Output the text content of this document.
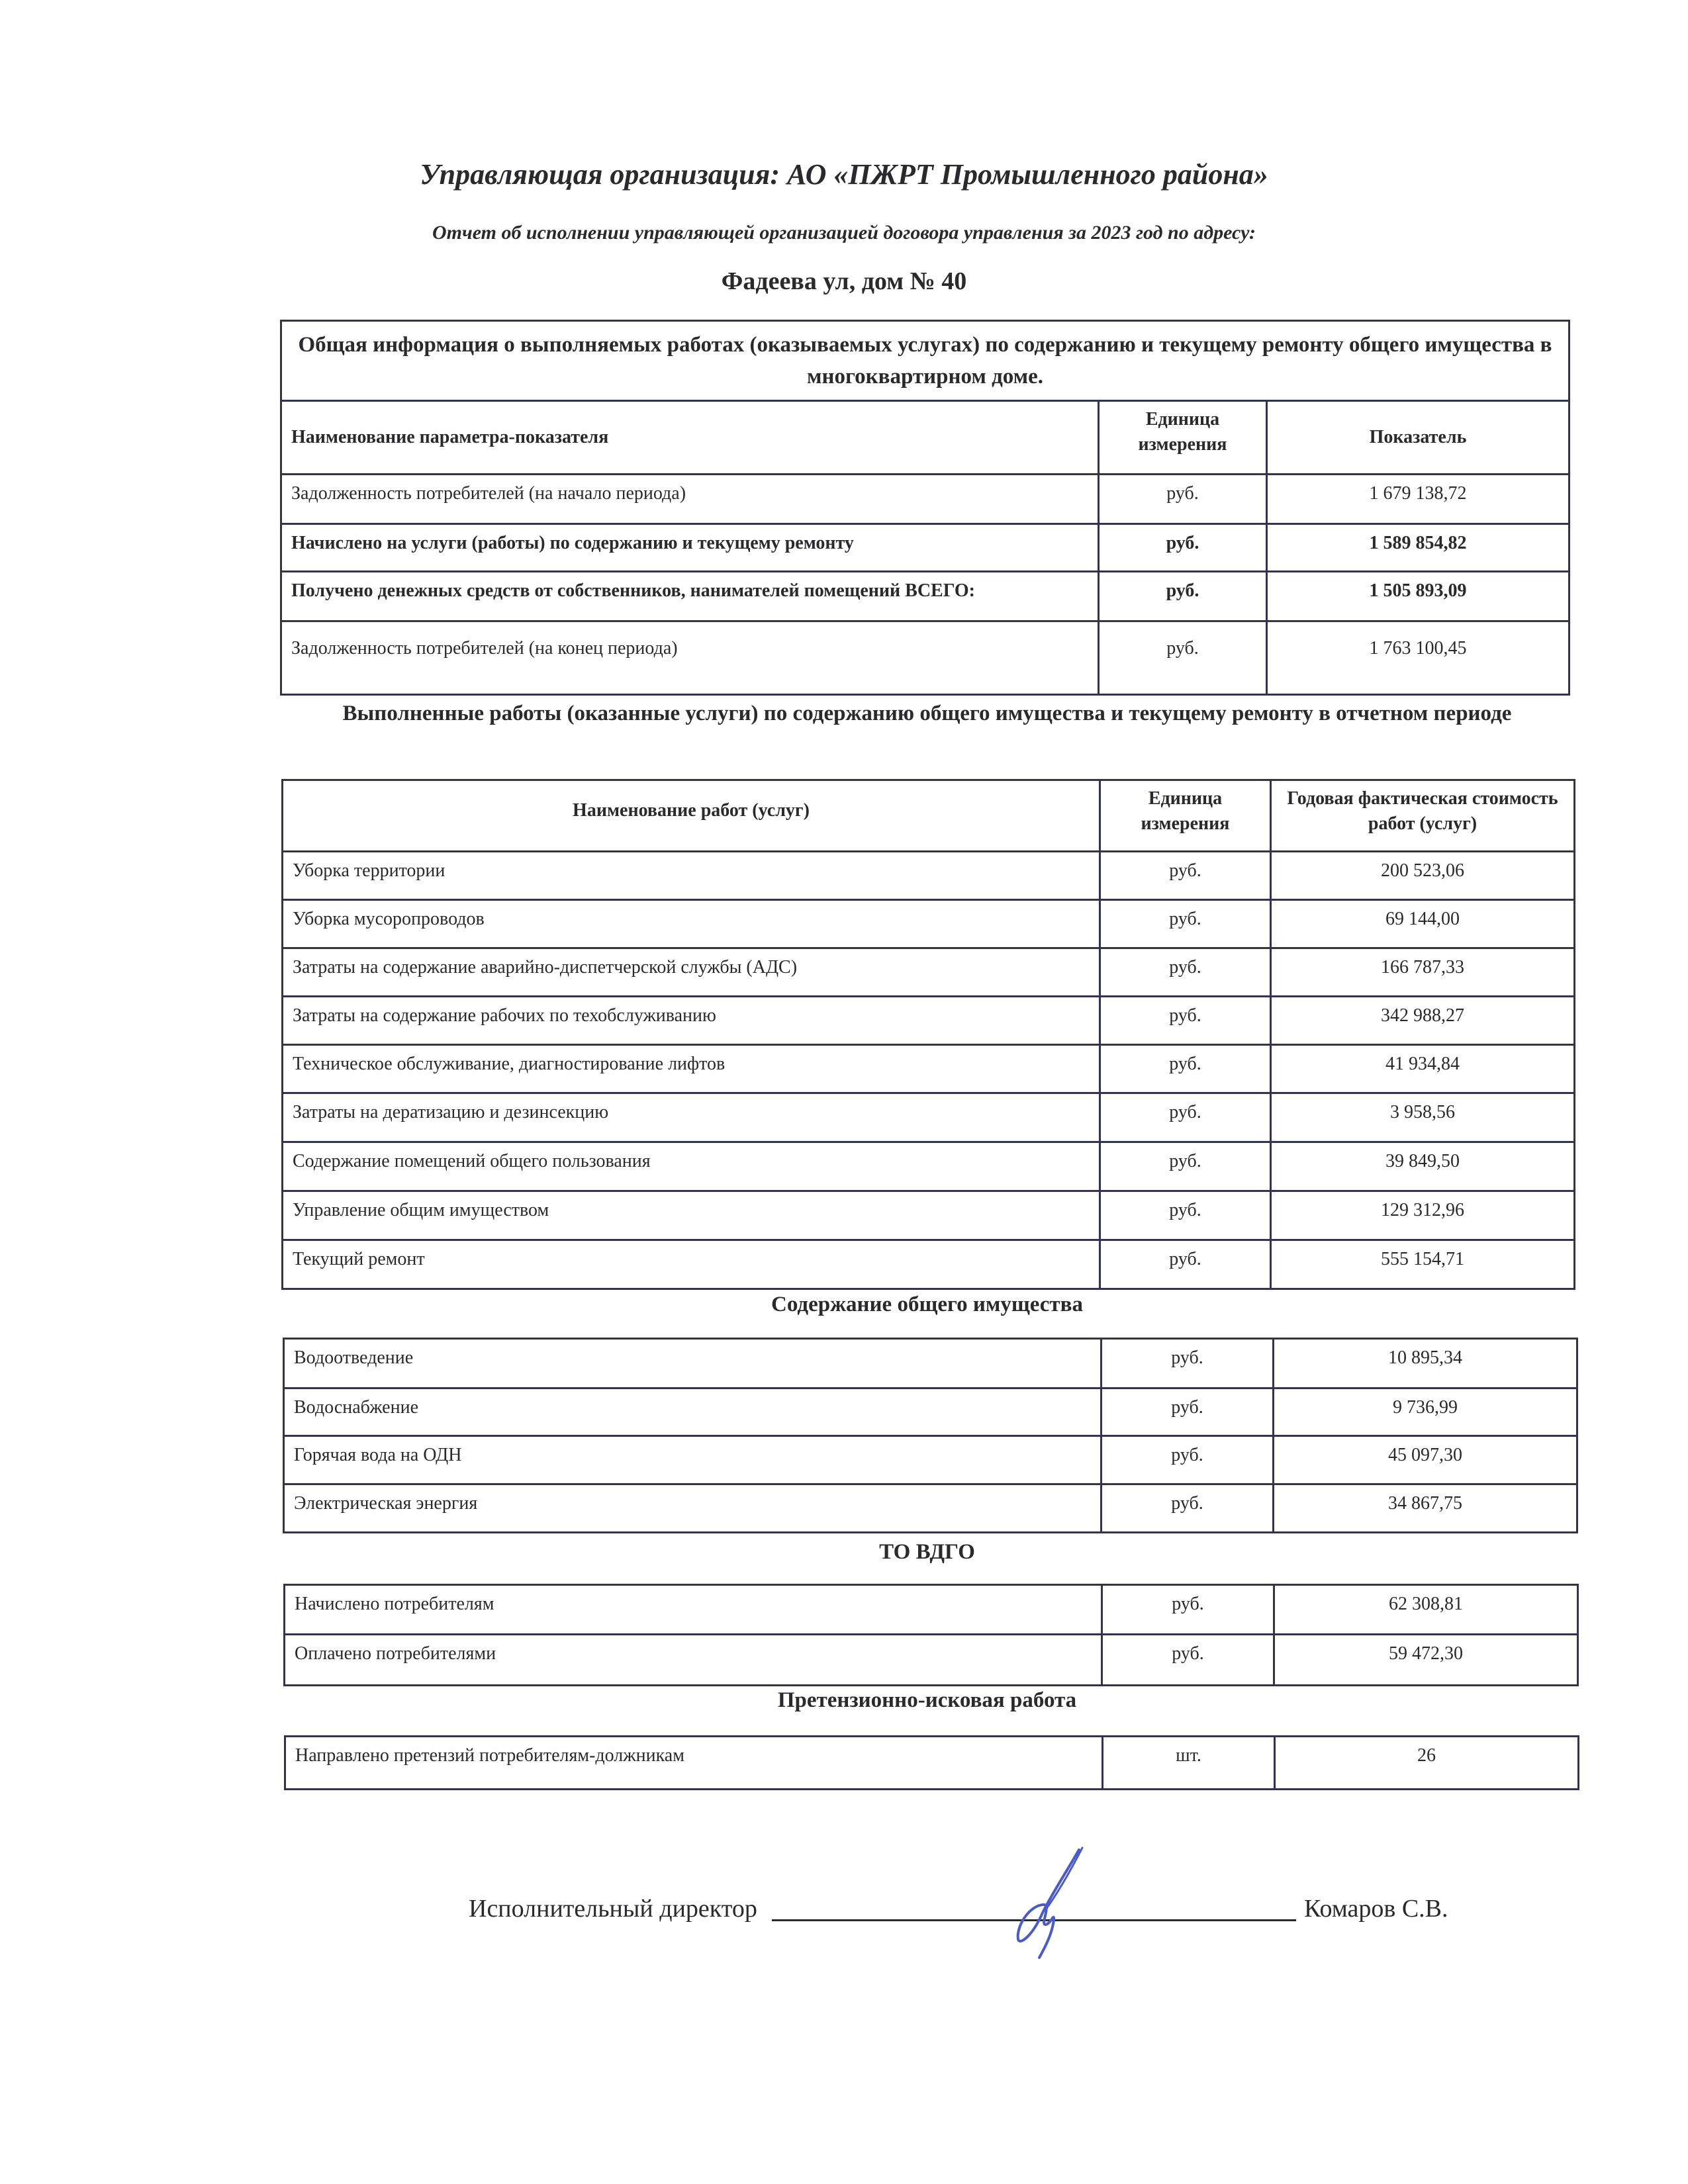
Управляющая организация: АО «ПЖРТ Промышленного района»
Отчет об исполнении управляющей организацией договора управления за 2023 год по адресу:
Фадеева ул, дом № 40
Общая информация о выполняемых работах (оказываемых услугах) по содержанию и текущему ремонту общего имущества в многоквартирном доме.		
Наименование параметра-показателя	Единица измерения	Показатель
Задолженность потребителей (на начало периода)	руб.	1 679 138,72
Начислено на услуги (работы) по содержанию и текущему ремонту	руб.	1 589 854,82
Получено денежных средств от собственников, нанимателей помещений ВСЕГО:	руб.	1 505 893,09
Задолженность потребителей (на конец периода)	руб.	1 763 100,45
Выполненные работы (оказанные услуги) по содержанию общего имущества и текущему ремонту в отчетном периоде
Наименование работ (услуг)	Единица измерения	Годовая фактическая стоимость работ (услуг)
Уборка территории	руб.	200 523,06
Уборка мусоропроводов	руб.	69 144,00
Затраты на содержание аварийно-диспетчерской службы (АДС)	руб.	166 787,33
Затраты на содержание рабочих по техобслуживанию	руб.	342 988,27
Техническое обслуживание, диагностирование лифтов	руб.	41 934,84
Затраты на дератизацию и дезинсекцию	руб.	3 958,56
Содержание помещений общего пользования	руб.	39 849,50
Управление общим имуществом	руб.	129 312,96
Текущий ремонт	руб.	555 154,71
Содержание общего имущества
Водоотведение	руб.	10 895,34
Водоснабжение	руб.	9 736,99
Горячая вода на ОДН	руб.	45 097,30
Электрическая энергия	руб.	34 867,75
ТО ВДГО
Начислено потребителям	руб.	62 308,81
Оплачено потребителями	руб.	59 472,30
Претензионно-исковая работа
Направлено претензий потребителям-должникам	шт.	26
Исполнительный директор	Комаров С.В.
